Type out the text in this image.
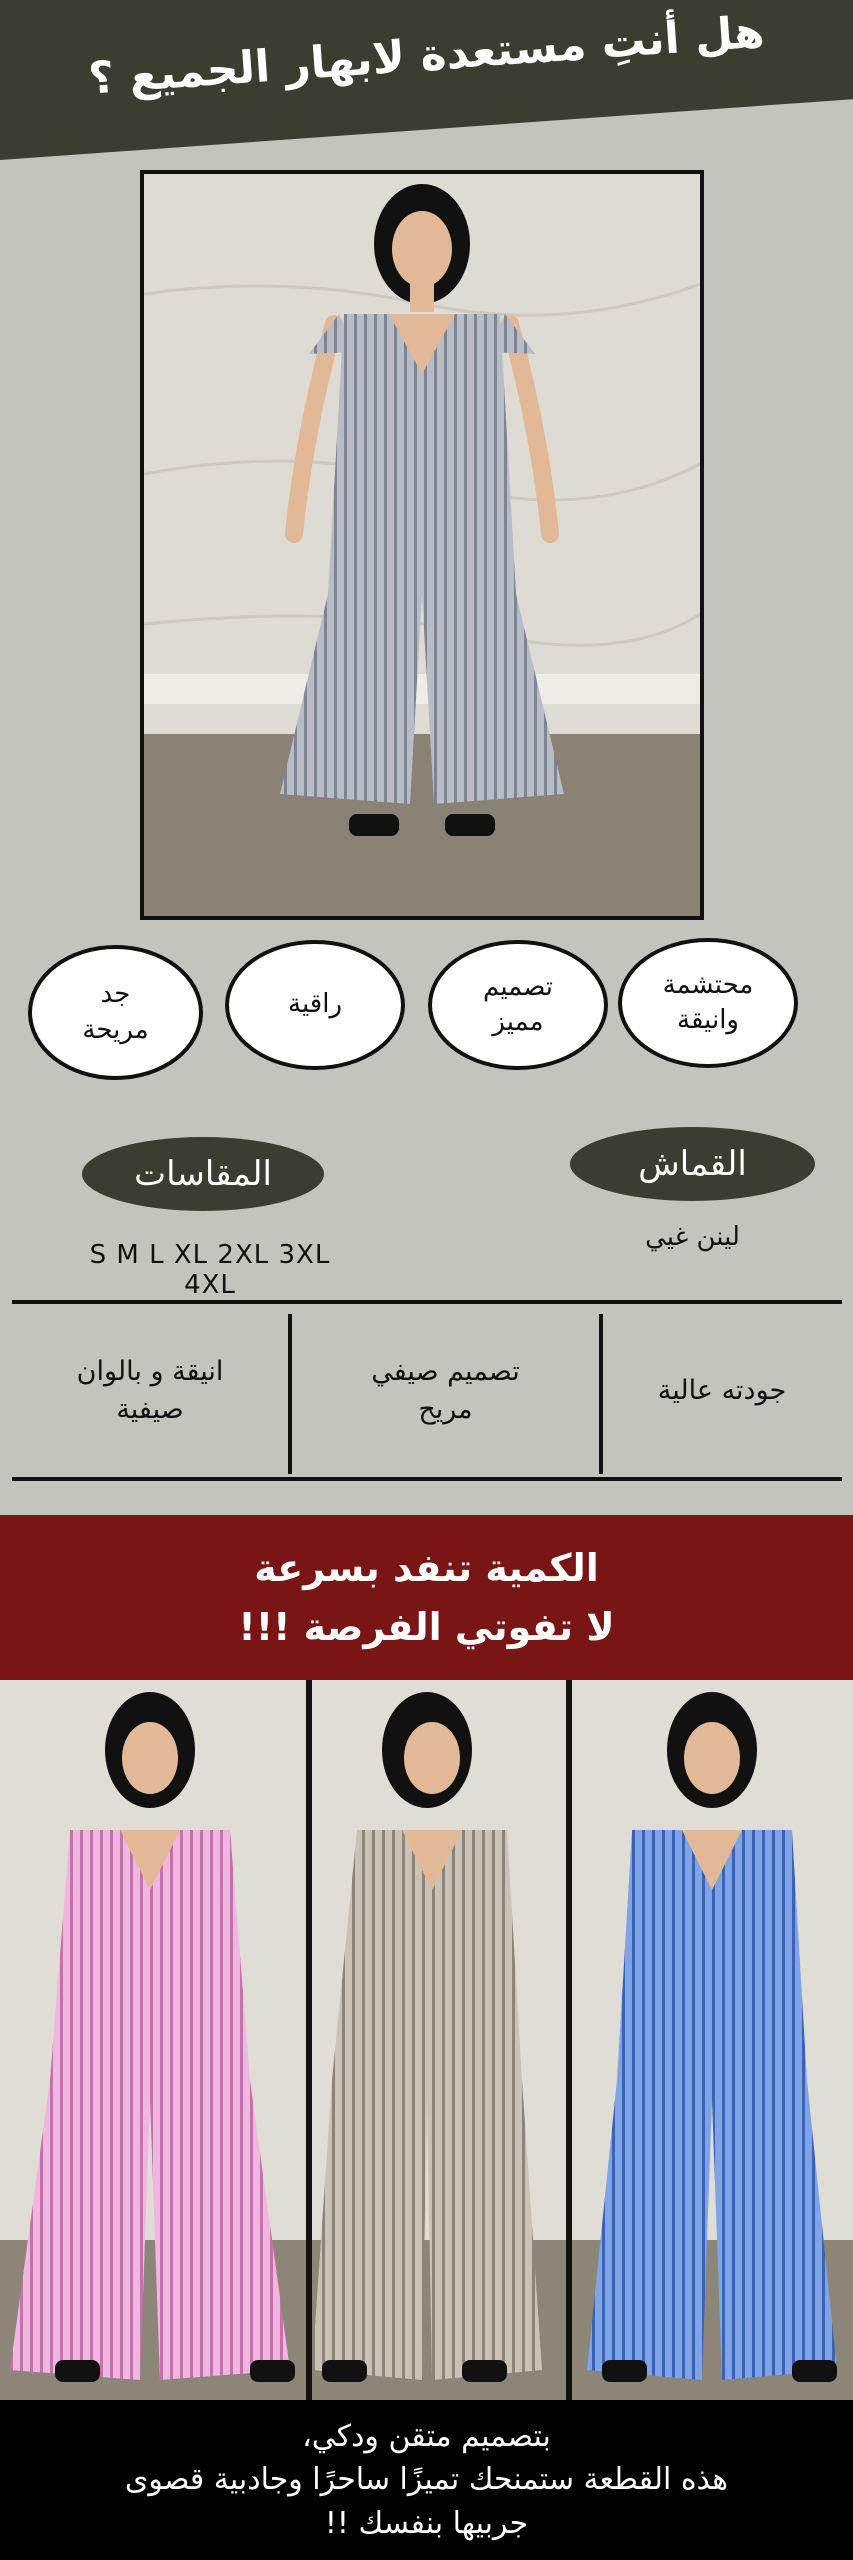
هل أنتِ مستعدة لابهار الجميع ؟
محتشمة
وانيقة
تصميم
مميز
راقية
جد
مريحة
القماش
لينن غيي
المقاسات
S M L XL 2XL 3XL 4XL
جودته عالية
تصميم صيفي
مريح
انيقة و بالوان
صيفية
الكمية تنفد بسرعة
لا تفوتي الفرصة !!!
بتصميم متقن ودكي،
هذه القطعة ستمنحك تميزًا ساحرًا وجادبية قصوى
جربيها بنفسك !!
